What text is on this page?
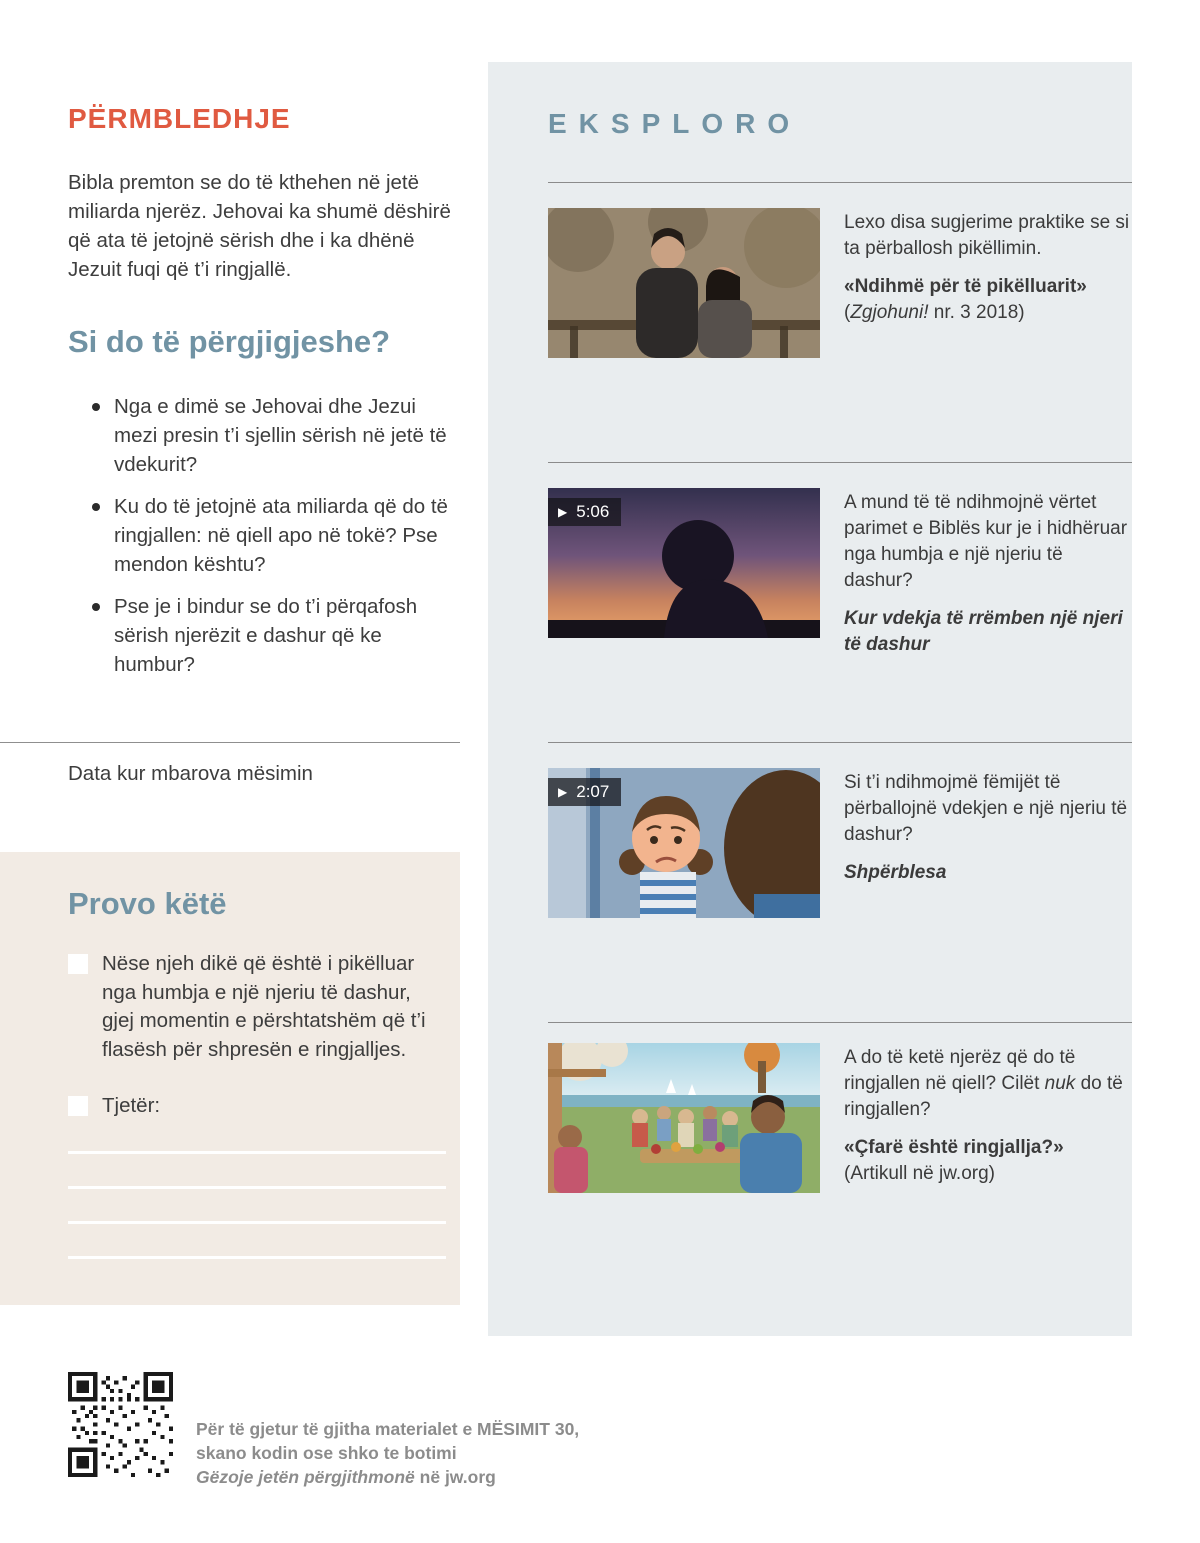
PËRMBLEDHJE

Bibla premton se do të kthehen në jetë miliarda njerëz. Jehovai ka shumë dëshirë që ata të jetojnë sërish dhe i ka dhënë Jezuit fuqi që t’i ringjallë.

Si do të përgjigjeshe?
Nga e dimë se Jehovai dhe Jezui mezi presin t’i sjellin sërish në jetë të vdekurit?
Ku do të jetojnë ata miliarda që do të ringjallen: në qiell apo në tokë? Pse mendon kështu?
Pse je i bindur se do t’i përqafosh sërish njerëzit e dashur që ke humbur?
Data kur mbarova mësimin
Provo këtë
Nëse njeh dikë që është i pikëlluar nga humbja e një njeriu të dashur, gjej momentin e përshtatshëm që t’i flasësh për shpresën e ringjalljes.
Tjetër:
EKSPLORO

Lexo disa sugjerime praktike se si ta përballosh pikëllimin.

«Ndihmë për të pikëlluarit»

(Zgjohuni! nr. 3 2018)

▶ 5:06	A mund të të ndihmojnë vërtet parimet e Biblës kur je i hidhëruar nga humbja e një njeriu të dashur?

Kur vdekja të rrëmben një njeri të dashur

▶ 2:07	Si t’i ndihmojmë fëmijët të përballojnë vdekjen e një njeriu të dashur?

Shpërblesa

A do të ketë njerëz që do të ringjallen në qiell? Cilët nuk do të ringjallen?

«Çfarë është ringjallja?»

(Artikull në jw.org)

Për të gjetur të gjitha materialet e MËSIMIT 30,
skano kodin ose shko te botimi
Gëzoje jetën përgjithmonë në jw.org
